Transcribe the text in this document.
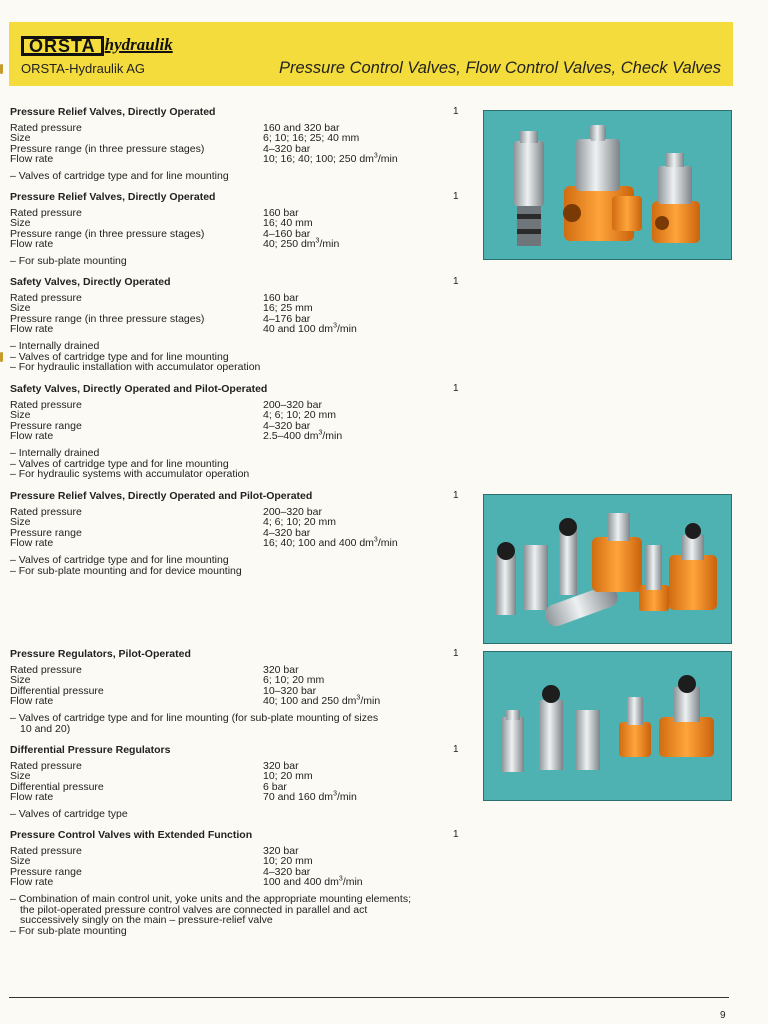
ORSTA hydraulik
ORSTA-Hydraulik AG	Pressure Control Valves, Flow Control Valves, Check Valves
Pressure Relief Valves, Directly Operated	1
Rated pressure	160 and 320 bar
Size	6; 10; 16; 25; 40 mm
Pressure range (in three pressure stages)	4–320 bar
Flow rate	10; 16; 40; 100; 250 $dm^3/\min$
– Valves of cartridge type and for line mounting
Pressure Relief Valves, Directly Operated	1
Rated pressure	160 bar
Size	16; 40 mm
Pressure range (in three pressure stages)	4–160 bar
Flow rate	40; 250 $dm^3/\min$
– For sub-plate mounting
Safety Valves, Directly Operated	1
Rated pressure	160 bar
Size	16; 25 mm
Pressure range (in three pressure stages)	4–176 bar
Flow rate	40 and 100 $dm^3/\min$
– Internally drained
– Valves of cartridge type and for line mounting
– For hydraulic installation with accumulator operation
Safety Valves, Directly Operated and Pilot-Operated	1
Rated pressure	200–320 bar
Size	4; 6; 10; 20 mm
Pressure range	4–320 bar
Flow rate	2.5–400 $dm^3/\min$
– Internally drained
– Valves of cartridge type and for line mounting
– For hydraulic systems with accumulator operation
Pressure Relief Valves, Directly Operated and Pilot-Operated	1
Rated pressure	200–320 bar
Size	4; 6; 10; 20 mm
Pressure range	4–320 bar
Flow rate	16; 40; 100 and 400 $dm^3/\min$
– Valves of cartridge type and for line mounting
– For sub-plate mounting and for device mounting
Pressure Regulators, Pilot-Operated	1
Rated pressure	320 bar
Size	6; 10; 20 mm
Differential pressure	10–320 bar
Flow rate	40; 100 and 250 $dm^3/\min$
– Valves of cartridge type and for line mounting (for sub-plate mounting of sizes 10 and 20)
Differential Pressure Regulators	1
Rated pressure	320 bar
Size	10; 20 mm
Differential pressure	6 bar
Flow rate	70 and 160 $dm^3/\min$
– Valves of cartridge type
Pressure Control Valves with Extended Function	1
Rated pressure	320 bar
Size	10; 20 mm
Pressure range	4–320 bar
Flow rate	100 and 400 $dm^3/\min$
– Combination of main control unit, yoke units and the appropriate mounting elements; the pilot-operated pressure control valves are connected in parallel and act successively singly on the main – pressure-relief valve
– For sub-plate mounting
9
